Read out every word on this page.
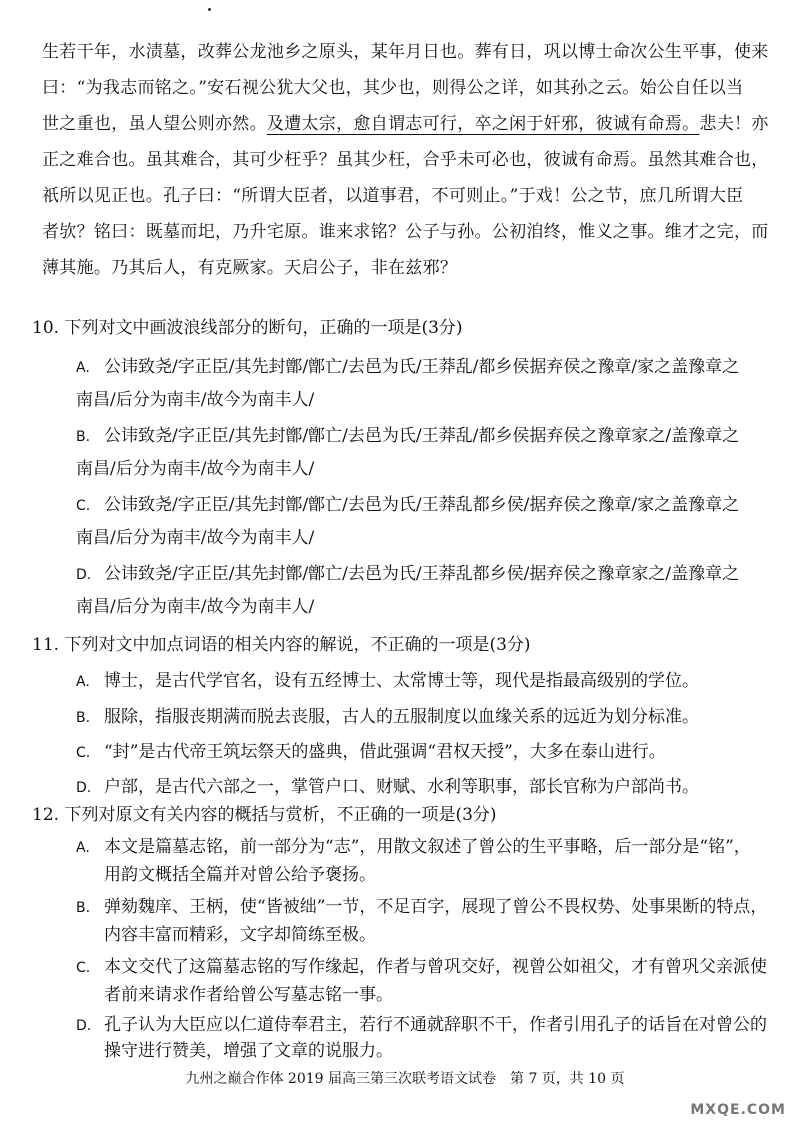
生若干年，水渍墓，改葬公龙池乡之原头，某年月日也。葬有日，巩以博士命次公生平事，使来
曰：“为我志而铭之。”安石视公犹大父也，其少也，则得公之详，如其孙之云。始公自任以当
世之重也，虽人望公则亦然。及遭太宗，愈自谓志可行，卒之闲于奸邪，彼诚有命焉。悲夫！亦
正之难合也。虽其难合，其可少枉乎？虽其少枉，合乎未可必也，彼诚有命焉。虽然其难合也，
祇所以见正也。孔子曰：“所谓大臣者，以道事君，不可则止。”于戏！公之节，庶几所谓大臣
者欤？铭曰：既墓而圯，乃升宅原。谁来求铭？公子与孙。公初洎终，惟义之事。维才之完，而
薄其施。乃其后人，有克厥家。天启公子，非在兹邪？
10. 下列对文中画波浪线部分的断句，正确的一项是(3分)
A. 公讳致尧/字正臣/其先封鄫/鄫亡/去邑为氏/王莽乱/都乡侯据弃侯之豫章/家之盖豫章之
南昌/后分为南丰/故今为南丰人/
B. 公讳致尧/字正臣/其先封鄫/鄫亡/去邑为氏/王莽乱/都乡侯据弃侯之豫章家之/盖豫章之
南昌/后分为南丰/故今为南丰人/
C. 公讳致尧/字正臣/其先封鄫/鄫亡/去邑为氏/王莽乱都乡侯/据弃侯之豫章/家之盖豫章之
南昌/后分为南丰/故今为南丰人/
D. 公讳致尧/字正臣/其先封鄫/鄫亡/去邑为氏/王莽乱都乡侯/据弃侯之豫章家之/盖豫章之
南昌/后分为南丰/故今为南丰人/
11. 下列对文中加点词语的相关内容的解说，不正确的一项是(3分)
A. 博士，是古代学官名，设有五经博士、太常博士等，现代是指最高级别的学位。
B. 服除，指服丧期满而脱去丧服，古人的五服制度以血缘关系的远近为划分标准。
C. “封”是古代帝王筑坛祭天的盛典，借此强调“君权天授”，大多在泰山进行。
D. 户部，是古代六部之一，掌管户口、财赋、水利等职事，部长官称为户部尚书。
12. 下列对原文有关内容的概括与赏析，不正确的一项是(3分)
A. 本文是篇墓志铭，前一部分为“志”，用散文叙述了曾公的生平事略，后一部分是“铭”，
用韵文概括全篇并对曾公给予褒扬。
B. 弹劾魏庠、王柄，使“皆被绌”一节，不足百字，展现了曾公不畏权势、处事果断的特点，
内容丰富而精彩，文字却简练至极。
C. 本文交代了这篇墓志铭的写作缘起，作者与曾巩交好，视曾公如祖父，才有曾巩父亲派使
者前来请求作者给曾公写墓志铭一事。
九州之巅合作体 2019 届高三第三次联考语文试卷　第 7 页，共 10 页
MXQE.COM
D. 孔子认为大臣应以仁道侍奉君主，若行不通就辞职不干，作者引用孔子的话旨在对曾公的
操守进行赞美，增强了文章的说服力。
